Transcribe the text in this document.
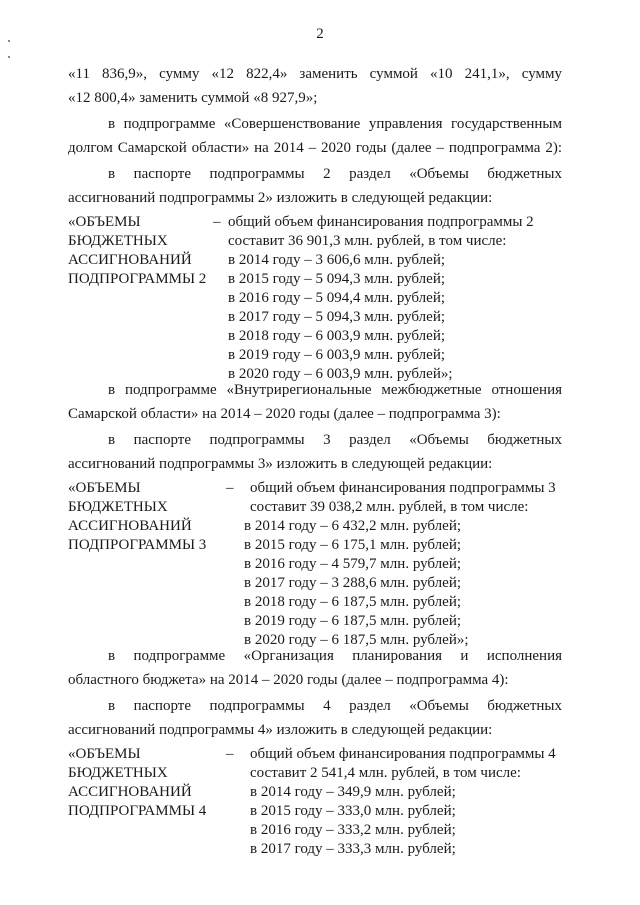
2
«11 836,9», сумму «12 822,4» заменить суммой «10 241,1», сумму
«12 800,4» заменить суммой «8 927,9»;
в подпрограмме «Совершенствование управления государственным
долгом Самарской области» на 2014 – 2020 годы (далее – подпрограмма 2):
в паспорте подпрограммы 2 раздел «Объемы бюджетных
ассигнований подпрограммы 2» изложить в следующей редакции:
«ОБЪЕМЫ
БЮДЖЕТНЫХ
АССИГНОВАНИЙ
ПОДПРОГРАММЫ 2
– общий объем финансирования подпрограммы 2
составит 36 901,3 млн. рублей, в том числе:
в 2014 году – 3 606,6 млн. рублей;
в 2015 году – 5 094,3 млн. рублей;
в 2016 году – 5 094,4 млн. рублей;
в 2017 году – 5 094,3 млн. рублей;
в 2018 году – 6 003,9 млн. рублей;
в 2019 году – 6 003,9 млн. рублей;
в 2020 году – 6 003,9 млн. рублей»;
в подпрограмме «Внутрирегиональные межбюджетные отношения
Самарской области» на 2014 – 2020 годы (далее – подпрограмма 3):
в паспорте подпрограммы 3 раздел «Объемы бюджетных
ассигнований подпрограммы 3» изложить в следующей редакции:
«ОБЪЕМЫ
БЮДЖЕТНЫХ
АССИГНОВАНИЙ
ПОДПРОГРАММЫ 3
– общий объем финансирования подпрограммы 3
составит 39 038,2 млн. рублей, в том числе:
в 2014 году – 6 432,2 млн. рублей;
в 2015 году – 6 175,1 млн. рублей;
в 2016 году – 4 579,7 млн. рублей;
в 2017 году – 3 288,6 млн. рублей;
в 2018 году – 6 187,5 млн. рублей;
в 2019 году – 6 187,5 млн. рублей;
в 2020 году – 6 187,5 млн. рублей»;
в подпрограмме «Организация планирования и исполнения
областного бюджета» на 2014 – 2020 годы (далее – подпрограмма 4):
в паспорте подпрограммы 4 раздел «Объемы бюджетных
ассигнований подпрограммы 4» изложить в следующей редакции:
«ОБЪЕМЫ
БЮДЖЕТНЫХ
АССИГНОВАНИЙ
ПОДПРОГРАММЫ 4
– общий объем финансирования подпрограммы 4
составит 2 541,4 млн. рублей, в том числе:
в 2014 году – 349,9 млн. рублей;
в 2015 году – 333,0 млн. рублей;
в 2016 году – 333,2 млн. рублей;
в 2017 году – 333,3 млн. рублей;
